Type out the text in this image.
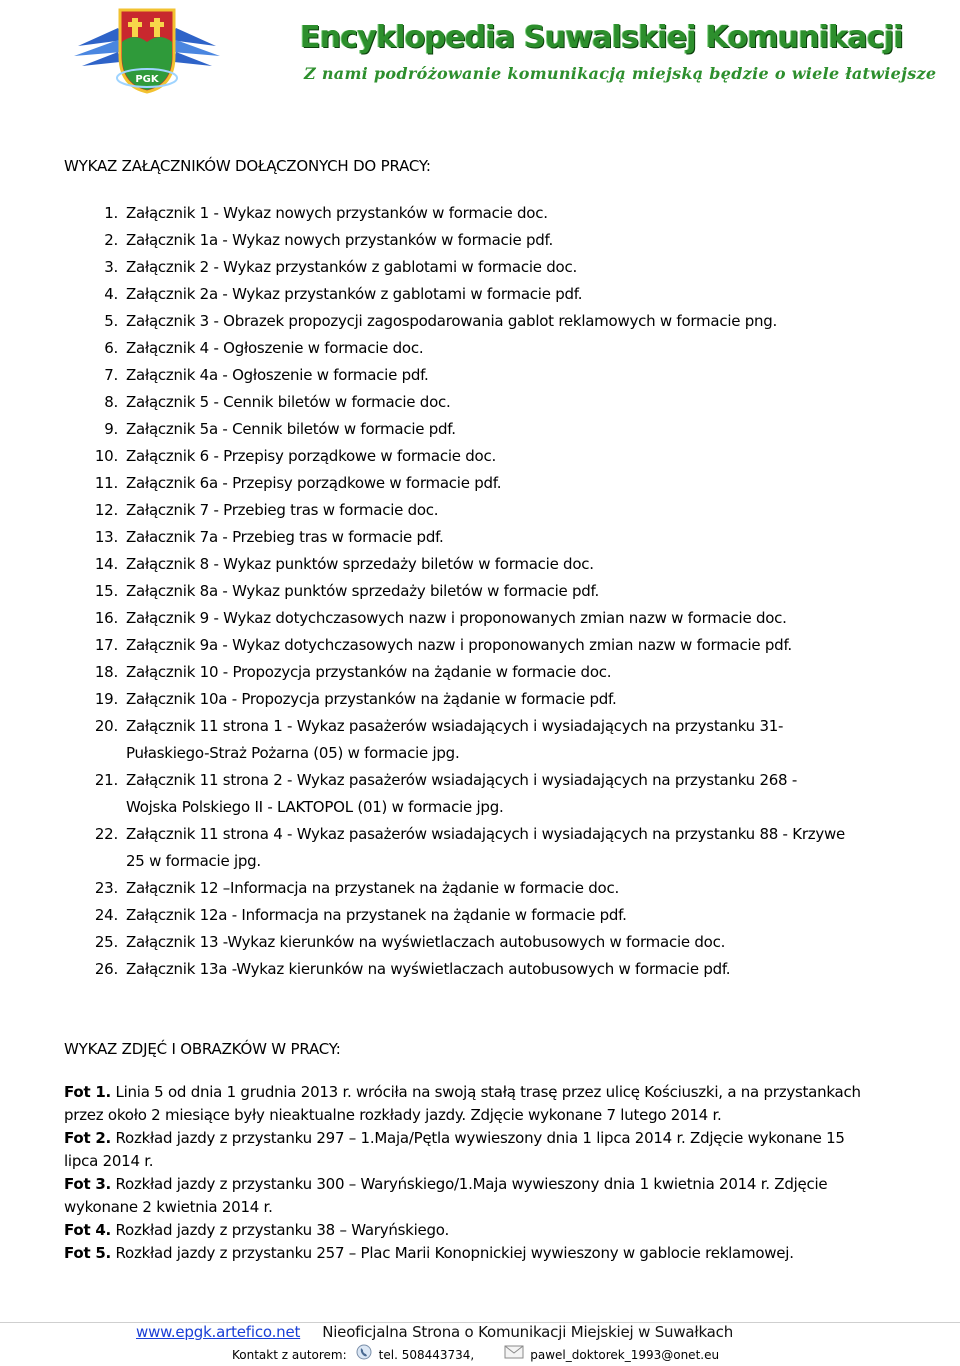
PGK
Encyklopedia Suwalskiej Komunikacji
Z nami podróżowanie komunikacją miejską będzie o wiele łatwiejsze
WYKAZ ZAŁĄCZNIKÓW DOŁĄCZONYCH DO PRACY:
1. Załącznik 1 - Wykaz nowych przystanków w formacie doc.
2. Załącznik 1a - Wykaz nowych przystanków w formacie pdf.
3. Załącznik 2 - Wykaz przystanków z gablotami w formacie doc.
4. Załącznik 2a - Wykaz przystanków z gablotami w formacie pdf.
5. Załącznik 3 - Obrazek propozycji zagospodarowania gablot reklamowych w formacie png.
6. Załącznik 4 - Ogłoszenie w formacie doc.
7. Załącznik 4a - Ogłoszenie w formacie pdf.
8. Załącznik 5 - Cennik biletów w formacie doc.
9. Załącznik 5a - Cennik biletów w formacie pdf.
10. Załącznik 6 - Przepisy porządkowe w formacie doc.
11. Załącznik 6a - Przepisy porządkowe w formacie pdf.
12. Załącznik 7 - Przebieg tras w formacie doc.
13. Załacznik 7a - Przebieg tras w formacie pdf.
14. Załącznik 8 - Wykaz punktów sprzedaży biletów w formacie doc.
15. Załącznik 8a - Wykaz punktów sprzedaży biletów w formacie pdf.
16. Załącznik 9 - Wykaz dotychczasowych nazw i proponowanych zmian nazw w formacie doc.
17. Załącznik 9a - Wykaz dotychczasowych nazw i proponowanych zmian nazw w formacie pdf.
18. Załącznik 10 - Propozycja przystanków na żądanie w formacie doc.
19. Załącznik 10a - Propozycja przystanków na żądanie w formacie pdf.
20. Załącznik 11 strona 1 - Wykaz pasażerów wsiadających i wysiadających na przystanku 31- Pułaskiego-Straż Pożarna (05) w formacie jpg.
21. Załącznik 11 strona 2 - Wykaz pasażerów wsiadających i wysiadających na przystanku 268 - Wojska Polskiego II - LAKTOPOL (01) w formacie jpg.
22. Załącznik 11 strona 4 - Wykaz pasażerów wsiadających i wysiadających na przystanku 88 - Krzywe 25 w formacie jpg.
23. Załącznik 12 –Informacja na przystanek na żądanie w formacie doc.
24. Załącznik 12a - Informacja na przystanek na żądanie w formacie pdf.
25. Załącznik 13 -Wykaz kierunków na wyświetlaczach autobusowych w formacie doc.
26. Załącznik 13a -Wykaz kierunków na wyświetlaczach autobusowych w formacie pdf.
WYKAZ ZDJĘĆ I OBRAZKÓW W PRACY:
Fot 1. Linia 5 od dnia 1 grudnia 2013 r. wróciła na swoją stałą trasę przez ulicę Kościuszki, a na przystankach przez około 2 miesiące były nieaktualne rozkłady jazdy. Zdjęcie wykonane 7 lutego 2014 r.
Fot 2. Rozkład jazdy z przystanku 297 – 1.Maja/Pętla wywieszony dnia 1 lipca 2014 r. Zdjęcie wykonane 15 lipca 2014 r.
Fot 3. Rozkład jazdy z przystanku 300 – Waryńskiego/1.Maja wywieszony dnia 1 kwietnia 2014 r. Zdjęcie wykonane 2 kwietnia 2014 r.
Fot 4. Rozkład jazdy z przystanku 38 – Waryńskiego.
Fot 5. Rozkład jazdy z przystanku 257 – Plac Marii Konopnickiej wywieszony w gablocie reklamowej.
www.epgk.artefico.net Nieoficjalna Strona o Komunikacji Miejskiej w Suwałkach
Kontakt z autorem:	tel. 508443734,	pawel_doktorek_1993@onet.eu
